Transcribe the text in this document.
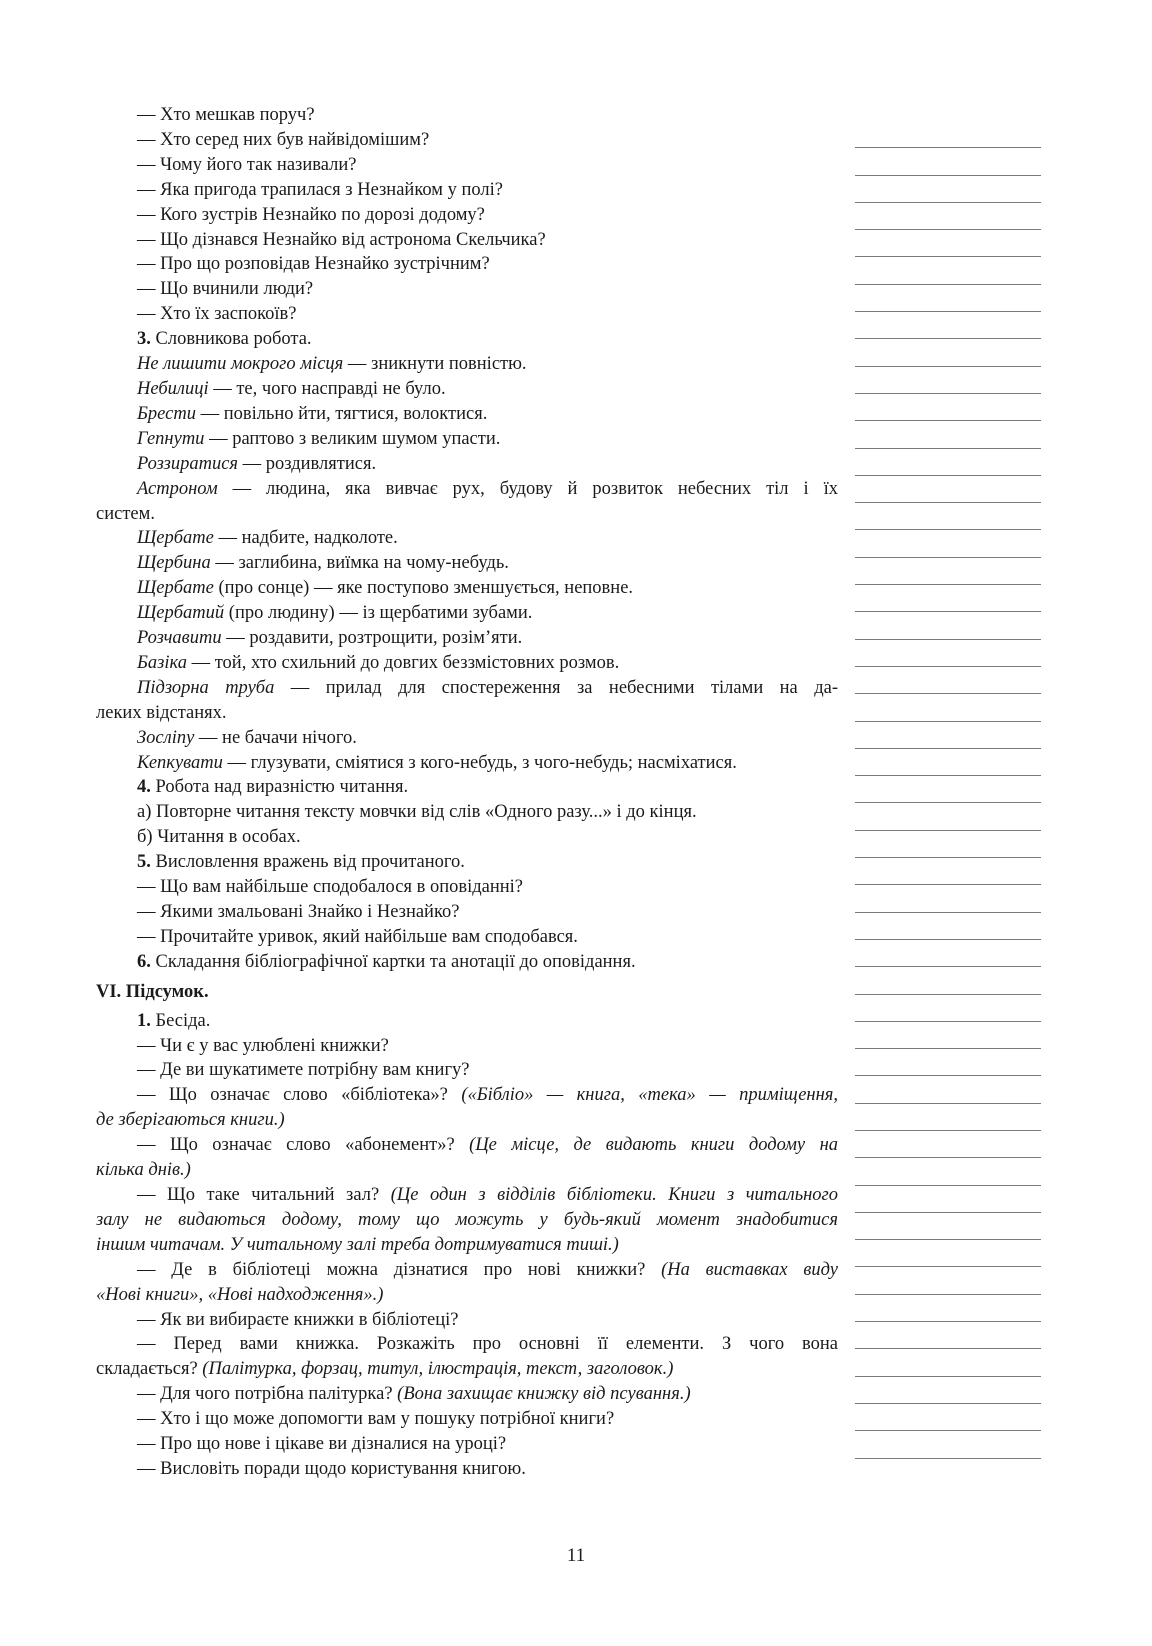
— Хто мешкав поруч?
— Хто серед них був найвідомішим?
— Чому його так називали?
— Яка пригода трапилася з Незнайком у полі?
— Кого зустрів Незнайко по дорозі додому?
— Що дізнався Незнайко від астронома Скельчика?
— Про що розповідав Незнайко зустрічним?
— Що вчинили люди?
— Хто їх заспокоїв?
3. Словникова робота.
Не лишити мокрого місця — зникнути повністю.
Небилиці — те, чого насправді не було.
Брести — повільно йти, тягтися, волоктися.
Гепнути — раптово з великим шумом упасти.
Роззиратися — роздивлятися.
Астроном — людина, яка вивчає рух, будову й розвиток небесних тіл і їх
систем.
Щербате — надбите, надколоте.
Щербина — заглибина, виїмка на чому-небудь.
Щербате (про сонце) — яке поступово зменшується, неповне.
Щербатий (про людину) — із щербатими зубами.
Розчавити — роздавити, розтрощити, розім’яти.
Базіка — той, хто схильний до довгих беззмістовних розмов.
Підзорна труба — прилад для спостереження за небесними тілами на да-
леких відстанях.
Зосліпу — не бачачи нічого.
Кепкувати — глузувати, сміятися з кого-небудь, з чого-небудь; насміхатися.
4. Робота над виразністю читання.
а) Повторне читання тексту мовчки від слів «Одного разу...» і до кінця.
б) Читання в особах.
5. Висловлення вражень від прочитаного.
— Що вам найбільше сподобалося в оповіданні?
— Якими змальовані Знайко і Незнайко?
— Прочитайте уривок, який найбільше вам сподобався.
6. Складання бібліографічної картки та анотації до оповідання.
VI. Підсумок.
1. Бесіда.
— Чи є у вас улюблені книжки?
— Де ви шукатимете потрібну вам книгу?
— Що означає слово «бібліотека»? («Бібліо» — книга, «тека» — приміщення,
де зберігаються книги.)
— Що означає слово «абонемент»? (Це місце, де видають книги додому на
кілька днів.)
— Що таке читальний зал? (Це один з відділів бібліотеки. Книги з читального
залу не видаються додому, тому що можуть у будь-який момент знадобитися
іншим читачам. У читальному залі треба дотримуватися тиші.)
— Де в бібліотеці можна дізнатися про нові книжки? (На виставках виду
«Нові книги», «Нові надходження».)
— Як ви вибираєте книжки в бібліотеці?
— Перед вами книжка. Розкажіть про основні її елементи. З чого вона
складається? (Палітурка, форзац, титул, ілюстрація, текст, заголовок.)
— Для чого потрібна палітурка? (Вона захищає книжку від псування.)
— Хто і що може допомогти вам у пошуку потрібної книги?
— Про що нове і цікаве ви дізналися на уроці?
— Висловіть поради щодо користування книгою.
11
